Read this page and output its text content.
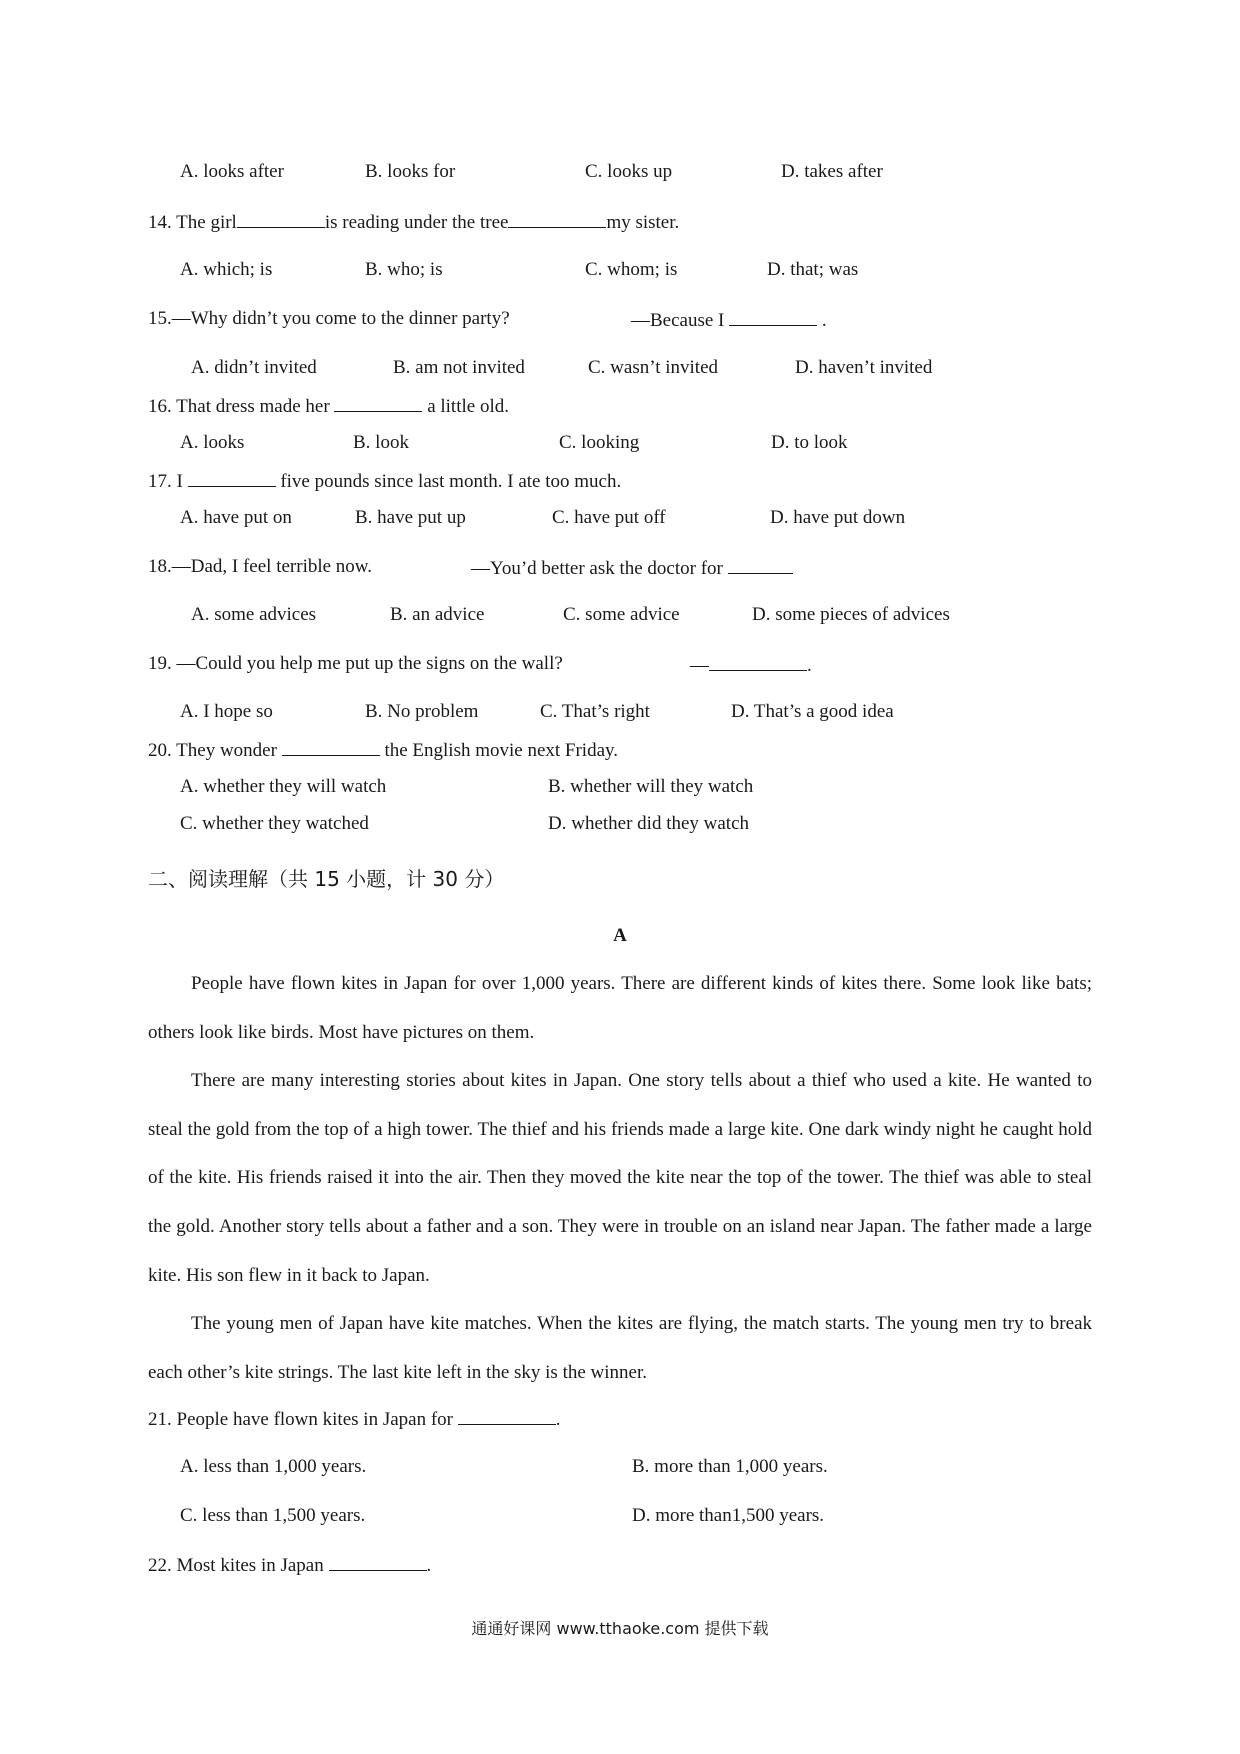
A. looks after	B. looks for	C. looks up	D. takes after
14. The girl	is reading under the tree	my sister.
A. which; is	B. who; is	C. whom; is	D. that; was
15.—Why didn’t you come to the dinner party?	—Because I	.
A. didn’t invited	B. am not invited	C. wasn’t invited	D. haven’t invited
16. That dress made her	a little old.
A. looks	B. look	C. looking	D. to look
17. I	five pounds since last month. I ate too much.
A. have put on	B. have put up	C. have put off	D. have put down
18.—Dad, I feel terrible now.	—You’d better ask the doctor for
A. some advices	B. an advice	C. some advice	D. some pieces of advices
19. —Could you help me put up the signs on the wall?	—	.
A. I hope so	B. No problem	C. That’s right	D. That’s a good idea
20. They wonder	the English movie next Friday.
A. whether they will watch	B. whether will they watch
C. whether they watched	D. whether did they watch
二、阅读理解（共 15 小题，计 30 分）
A

People have flown kites in Japan for over 1,000 years. There are different kinds of kites there. Some look like bats; others look like birds. Most have pictures on them.

There are many interesting stories about kites in Japan. One story tells about a thief who used a kite. He wanted to steal the gold from the top of a high tower. The thief and his friends made a large kite. One dark windy night he caught hold of the kite. His friends raised it into the air. Then they moved the kite near the top of the tower. The thief was able to steal the gold. Another story tells about a father and a son. They were in trouble on an island near Japan. The father made a large kite. His son flew in it back to Japan.

The young men of Japan have kite matches. When the kites are flying, the match starts. The young men try to break each other’s kite strings. The last kite left in the sky is the winner.

21. People have flown kites in Japan for	.
A. less than 1,000 years.	B. more than 1,000 years.
C. less than 1,500 years.	D. more than1,500 years.
22. Most kites in Japan	.
通通好课网 www.tthaoke.com 提供下载
